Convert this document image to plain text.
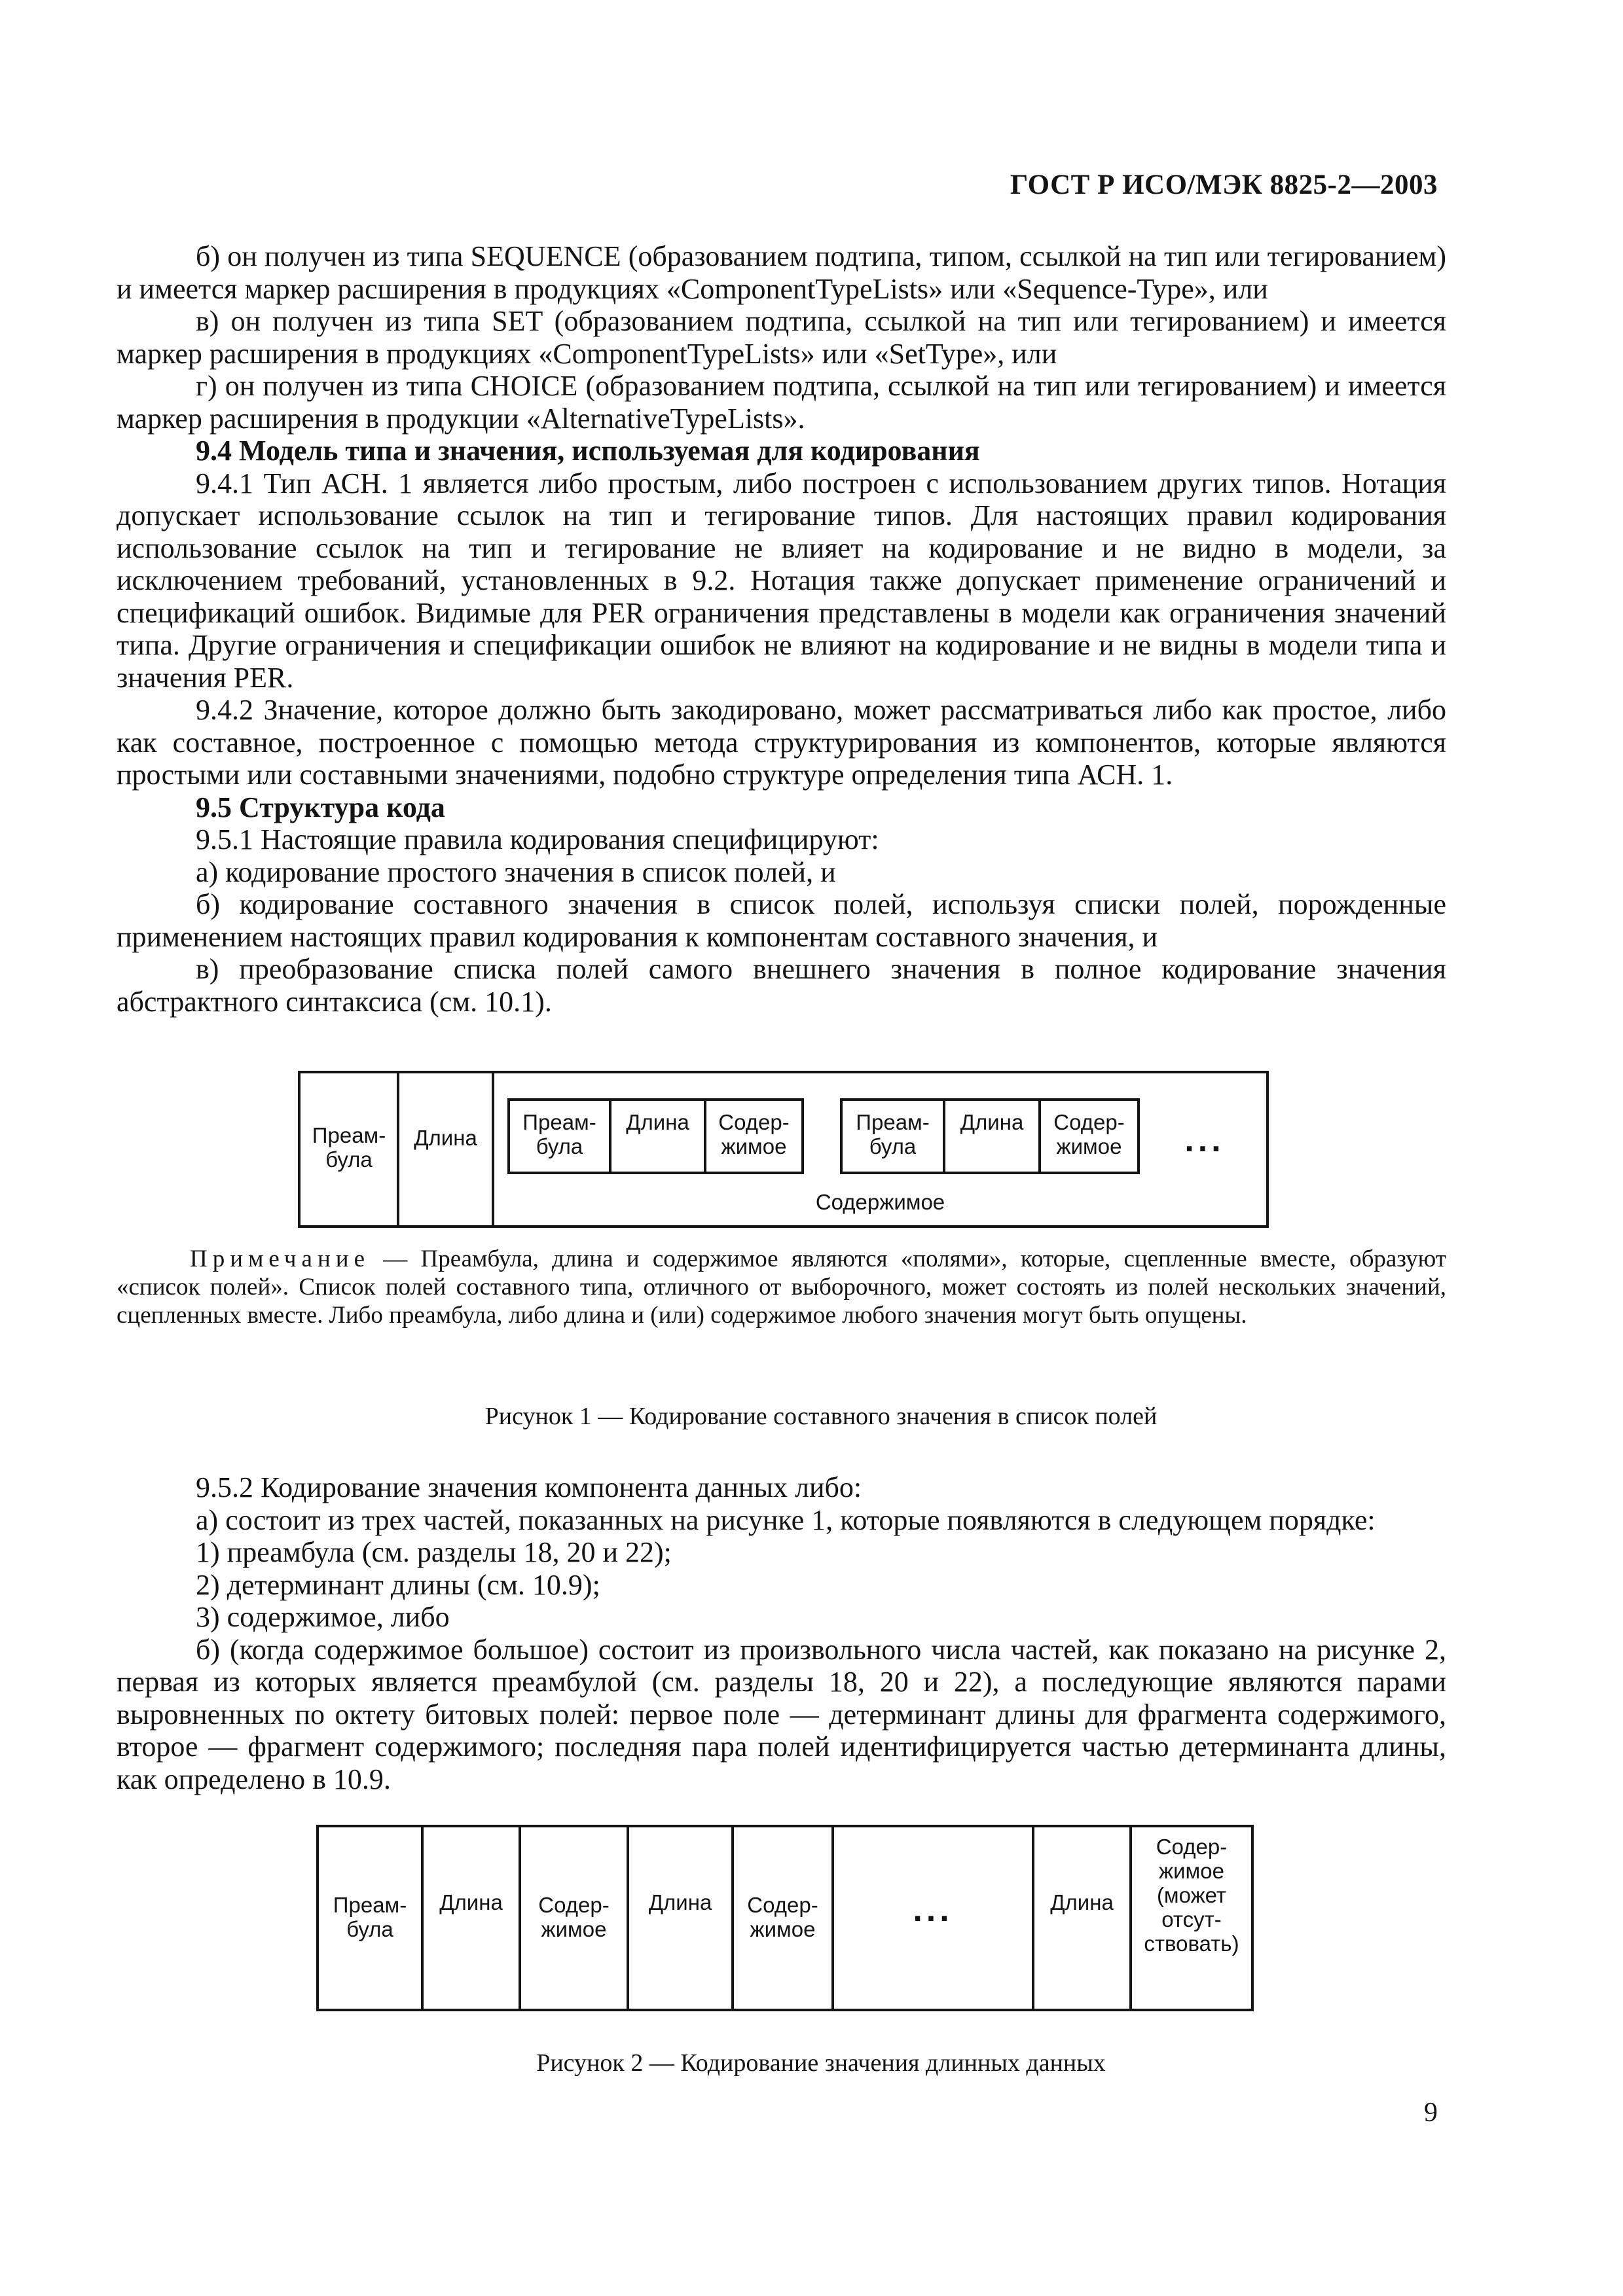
ГОСТ Р ИСО/МЭК 8825-2—2003

б) он получен из типа SEQUENCE (образованием подтипа, типом, ссылкой на тип или тегированием) и имеется маркер расширения в продукциях «ComponentTypeLists» или «Sequence-Type», или

в) он получен из типа SET (образованием подтипа, ссылкой на тип или тегированием) и имеется маркер расширения в продукциях «ComponentTypeLists» или «SetType», или

г) он получен из типа CHOICE (образованием подтипа, ссылкой на тип или тегированием) и имеется маркер расширения в продукции «AlternativeTypeLists».

9.4 Модель типа и значения, используемая для кодирования

9.4.1 Тип АСН. 1 является либо простым, либо построен с использованием других типов. Нотация допускает использование ссылок на тип и тегирование типов. Для настоящих правил кодирования использование ссылок на тип и тегирование не влияет на кодирование и не видно в модели, за исключением требований, установленных в 9.2. Нотация также допускает применение ограничений и спецификаций ошибок. Видимые для PER ограничения представлены в модели как ограничения значений типа. Другие ограничения и спецификации ошибок не влияют на кодирование и не видны в модели типа и значения PER.

9.4.2 Значение, которое должно быть закодировано, может рассматриваться либо как простое, либо как составное, построенное с помощью метода структурирования из компонентов, которые являются простыми или составными значениями, подобно структуре определения типа АСН. 1.

9.5 Структура кода

9.5.1 Настоящие правила кодирования специфицируют:

а) кодирование простого значения в список полей, и

б) кодирование составного значения в список полей, используя списки полей, порожденные применением настоящих правил кодирования к компонентам составного значения, и

в) преобразование списка полей самого внешнего значения в полное кодирование значения абстрактного синтаксиса (см. 10.1).

Преам-
була
Длина
Преам-
була
Длина	Содер-
жимое
Преам-
була
Длина	Содер-
жимое	...
Содержимое

Примечание — Преамбула, длина и содержимое являются «полями», которые, сцепленные вместе, образуют «список полей». Список полей составного типа, отличного от выборочного, может состоять из полей нескольких значений, сцепленных вместе. Либо преамбула, либо длина и (или) содержимое любого значения могут быть опущены.

Рисунок 1 — Кодирование составного значения в список полей

9.5.2 Кодирование значения компонента данных либо:

а) состоит из трех частей, показанных на рисунке 1, которые появляются в следующем порядке:

1) преамбула (см. разделы 18, 20 и 22);

2) детерминант длины (см. 10.9);

3) содержимое, либо

б) (когда содержимое большое) состоит из произвольного числа частей, как показано на рисунке 2, первая из которых является преамбулой (см. разделы 18, 20 и 22), а последующие являются парами выровненных по октету битовых полей: первое поле — детерминант длины для фрагмента содержимого, второе — фрагмент содержимого; последняя пара полей идентифицируется частью детерминанта длины, как определено в 10.9.

Преам-
була
Длина	Содер-
жимое
Длина	Содер-
жимое
...	Длина
Содер-
жимое
(может
отсут-
ствовать)

Рисунок 2 — Кодирование значения длинных данных

9
